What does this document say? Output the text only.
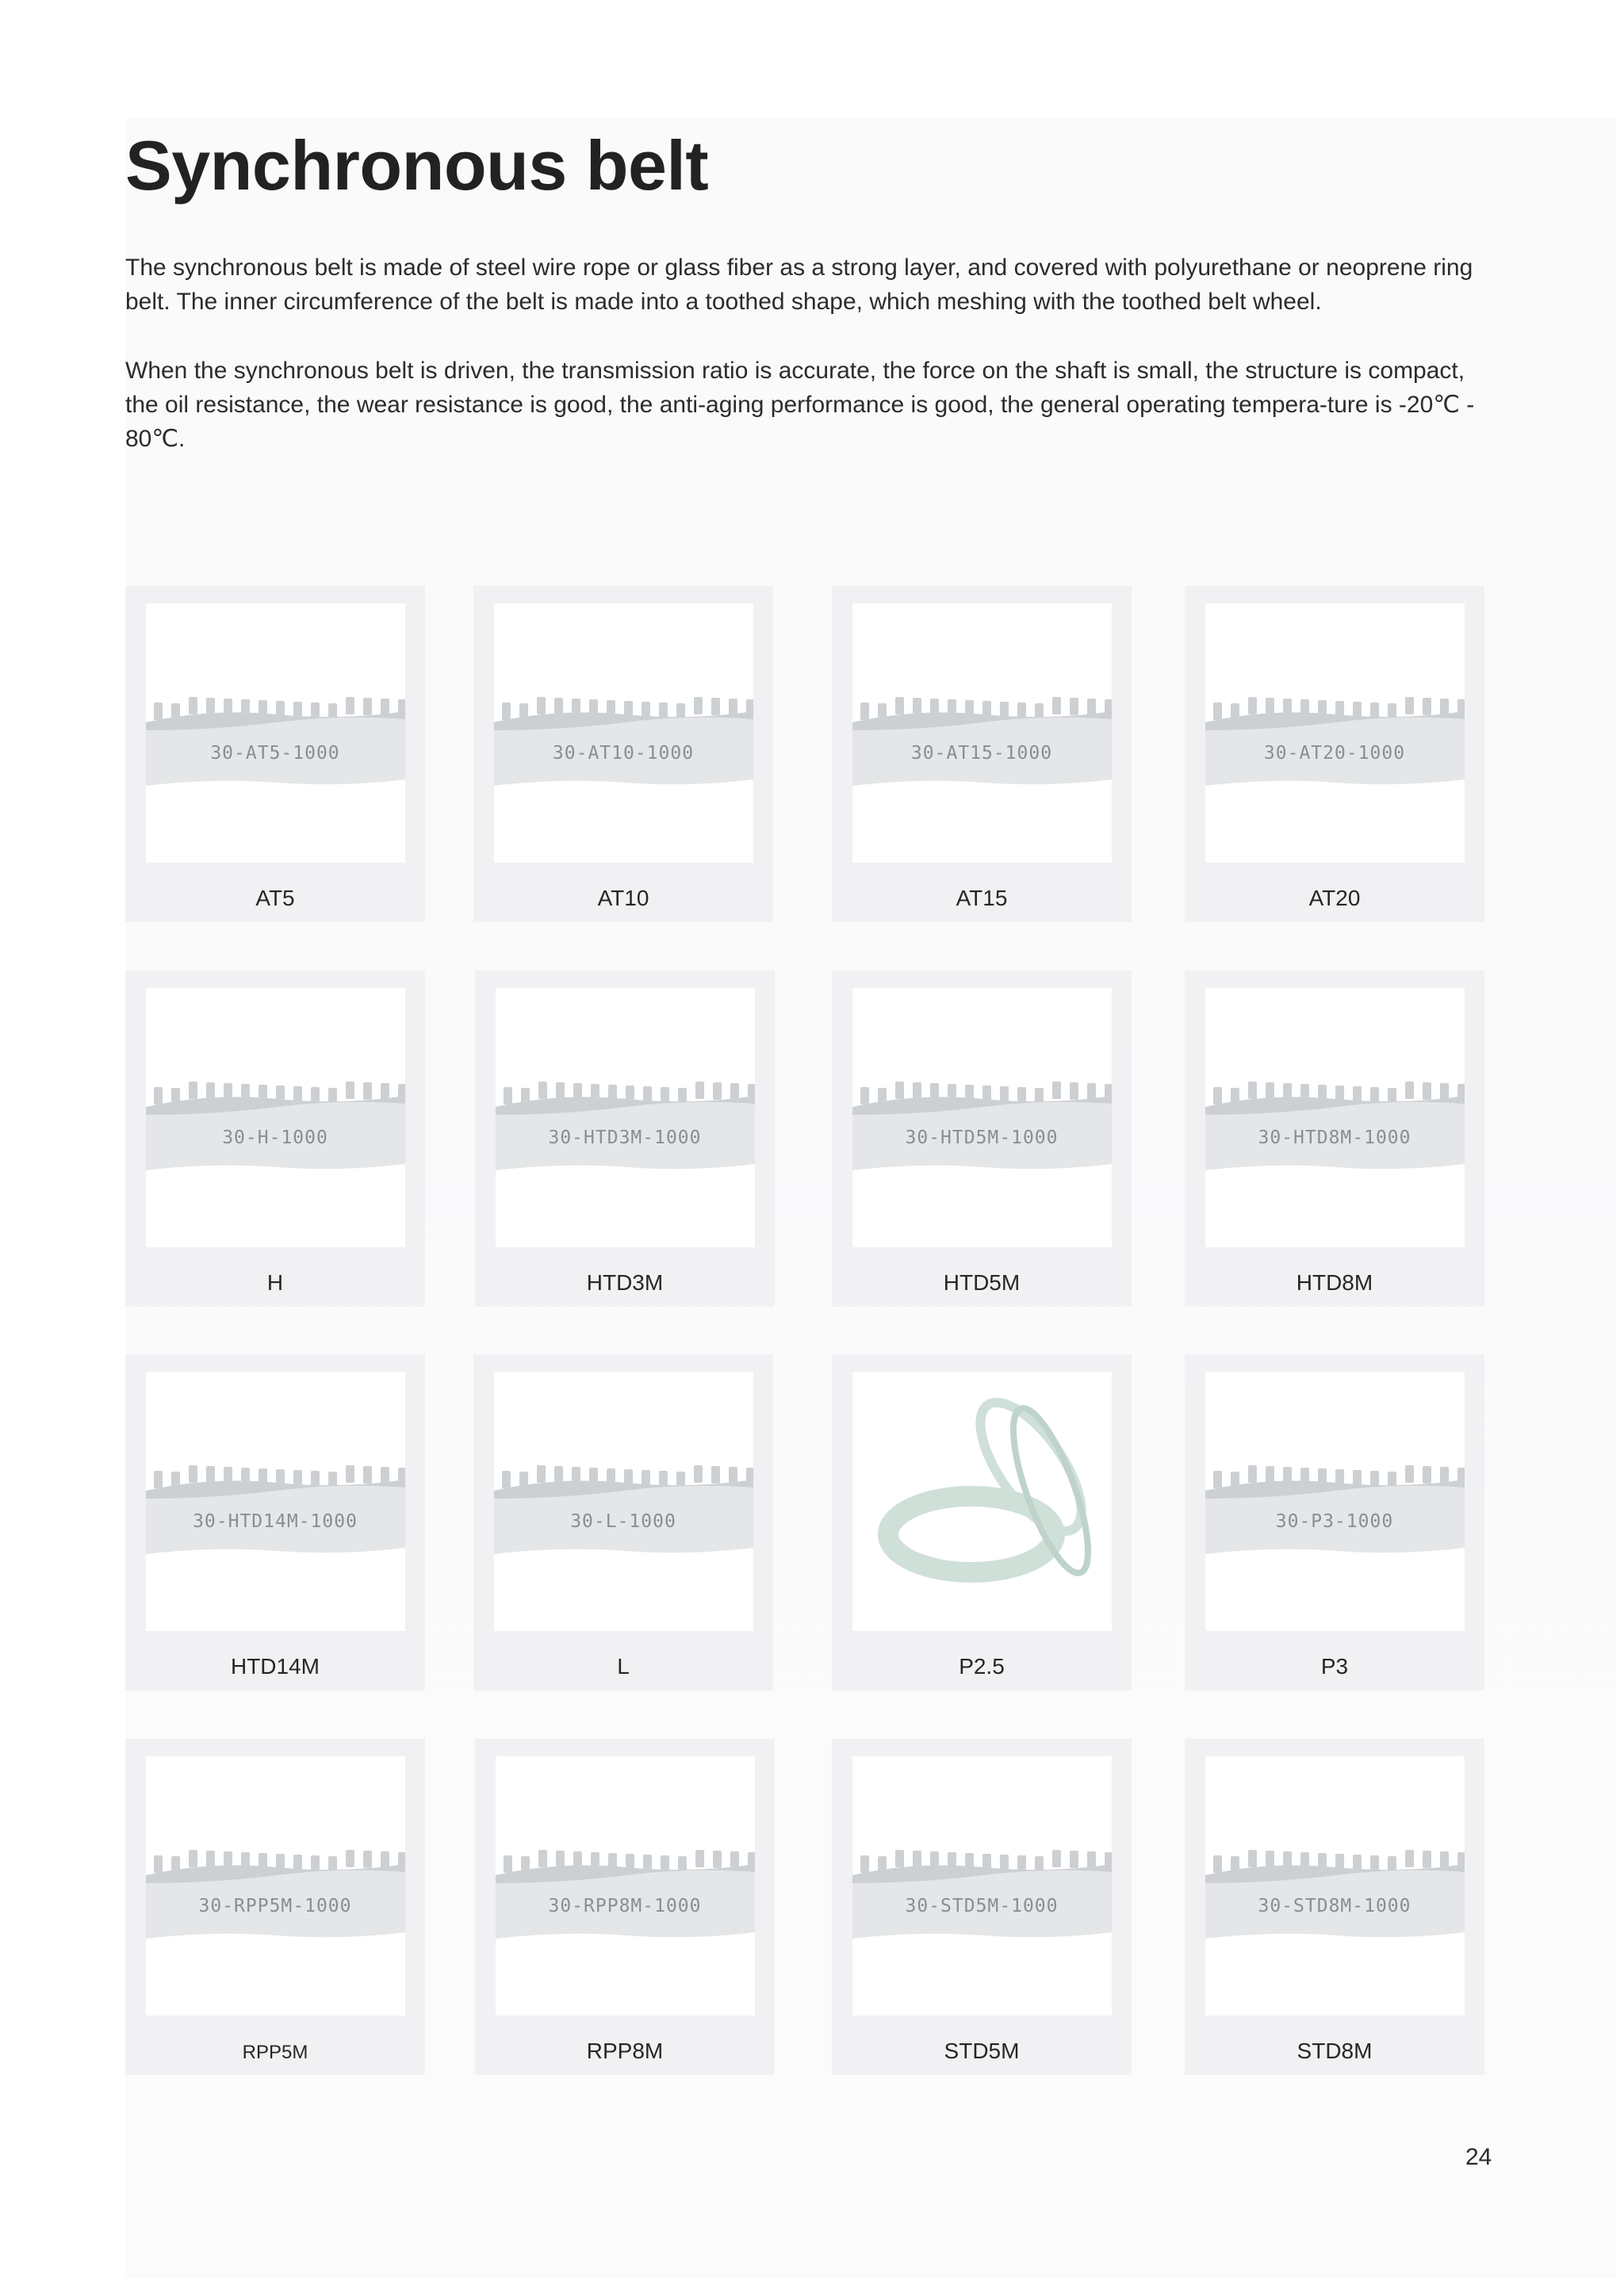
Synchronous belt

The synchronous belt is made of steel wire rope or glass fiber as a strong layer, and covered with polyurethane or neoprene ring belt. The inner circumference of the belt is made into a toothed shape, which meshing with the toothed belt wheel.

When the synchronous belt is driven, the transmission ratio is accurate, the force on the shaft is small, the structure is compact, the oil resistance, the wear resistance is good, the anti-aging performance is good, the general operating tempera-ture is -20℃ - 80℃.

30-AT5-1000
AT5
30-AT10-1000
AT10
30-AT15-1000
AT15
30-AT20-1000
AT20
30-H-1000
H
30-HTD3M-1000
HTD3M
30-HTD5M-1000
HTD5M
30-HTD8M-1000
HTD8M
30-HTD14M-1000
HTD14M
30-L-1000
L	P2.5
30-P3-1000
P3
30-RPP5M-1000
RPP5M
30-RPP8M-1000
RPP8M
30-STD5M-1000
STD5M
30-STD8M-1000
STD8M
24
